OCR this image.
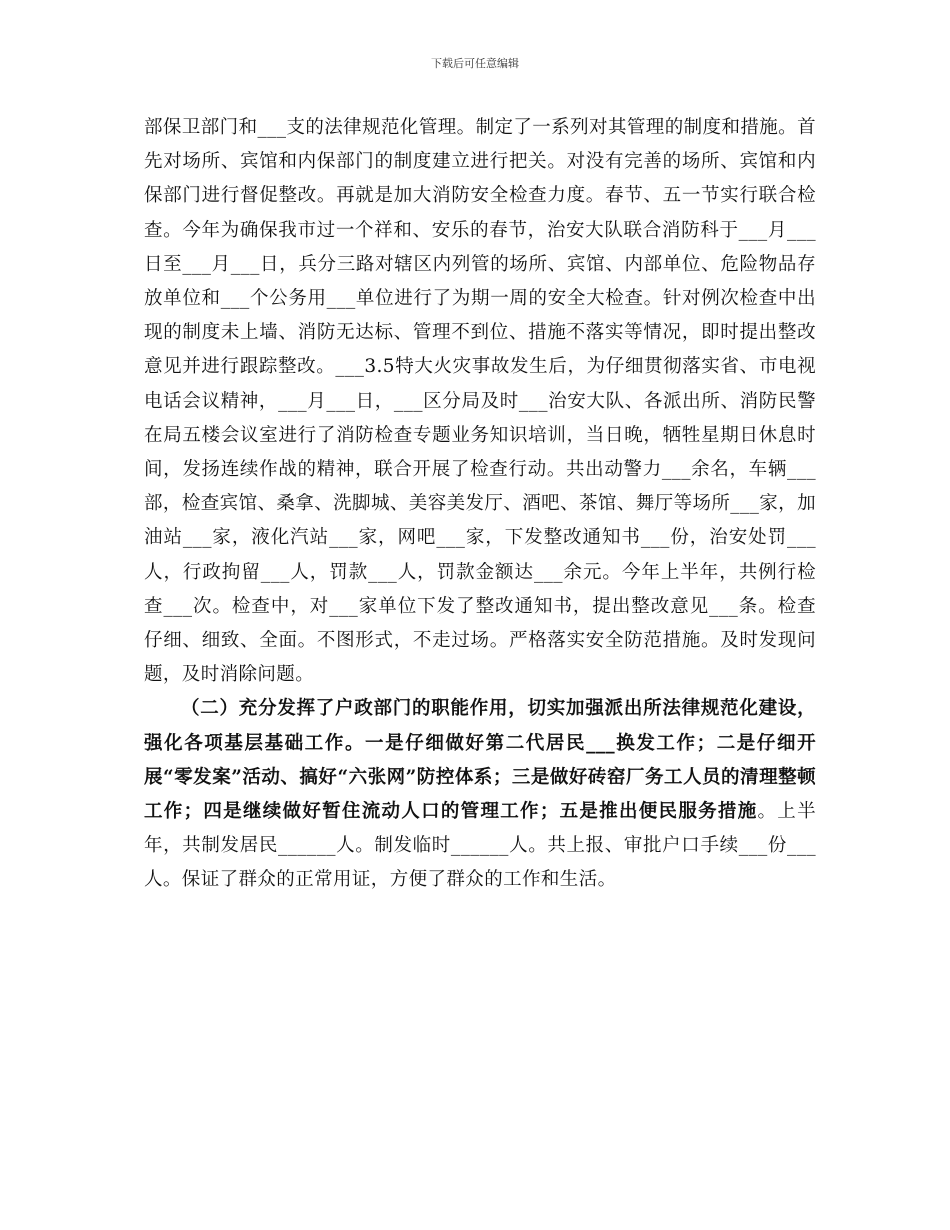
下载后可任意编辑

部保卫部门和___支的法律规范化管理。制定了一系列对其管理的制度和措施。首先对场所、宾馆和内保部门的制度建立进行把关。对没有完善的场所、宾馆和内保部门进行督促整改。再就是加大消防安全检查力度。春节、五一节实行联合检查。今年为确保我市过一个祥和、安乐的春节，治安大队联合消防科于___月___日至___月___日，兵分三路对辖区内列管的场所、宾馆、内部单位、危险物品存放单位和___个公务用___单位进行了为期一周的安全大检查。针对例次检查中出现的制度未上墙、消防无达标、管理不到位、措施不落实等情况，即时提出整改意见并进行跟踪整改。___3.5特大火灾事故发生后，为仔细贯彻落实省、市电视电话会议精神，___月___日，___区分局及时___治安大队、各派出所、消防民警在局五楼会议室进行了消防检查专题业务知识培训，当日晚，牺牲星期日休息时间，发扬连续作战的精神，联合开展了检查行动。共出动警力___余名，车辆___部，检查宾馆、桑拿、洗脚城、美容美发厅、酒吧、茶馆、舞厅等场所___家，加油站___家，液化汽站___家，网吧___家，下发整改通知书___份，治安处罚___人，行政拘留___人，罚款___人，罚款金额达___余元。今年上半年，共例行检查___次。检查中，对___家单位下发了整改通知书，提出整改意见___条。检查仔细、细致、全面。不图形式，不走过场。严格落实安全防范措施。及时发现问题，及时消除问题。

（二）充分发挥了户政部门的职能作用，切实加强派出所法律规范化建设，强化各项基层基础工作。一是仔细做好第二代居民___换发工作；二是仔细开展“零发案”活动、搞好“六张网”防控体系；三是做好砖窑厂务工人员的清理整顿工作；四是继续做好暂住流动人口的管理工作；五是推出便民服务措施。上半年，共制发居民______人。制发临时______人。共上报、审批户口手续___份___人。保证了群众的正常用证，方便了群众的工作和生活。
